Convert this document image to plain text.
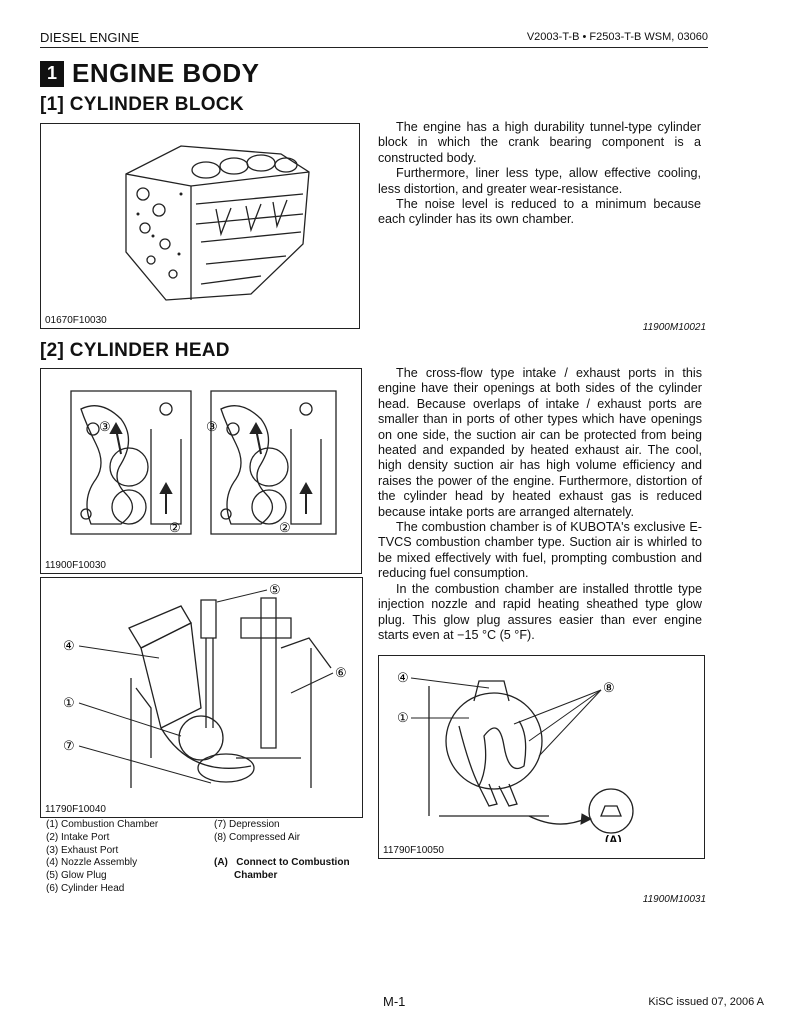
DIESEL ENGINE	V2003-T-B • F2503-T-B WSM, 03060
1 ENGINE BODY
[1] CYLINDER BLOCK
01670F10030

The engine has a high durability tunnel-type cylinder block in which the crank bearing component is a constructed body.

Furthermore, liner less type, allow effective cooling, less distortion, and greater wear-resistance.

The noise level is reduced to a minimum because each cylinder has its own chamber.

11900M10021
[2] CYLINDER HEAD
③
②
③
②
11900F10030
④
①
⑦
⑤
⑥
11790F10040
(1) Combustion Chamber
(2) Intake Port
(3) Exhaust Port
(4) Nozzle Assembly
(5) Glow Plug
(6) Cylinder Head
(7) Depression
(8) Compressed Air
(A) Connect to Combustion
Chamber

The cross-flow type intake / exhaust ports in this engine have their openings at both sides of the cylinder head. Because overlaps of intake / exhaust ports are smaller than in ports of other types which have openings on one side, the suction air can be protected from being heated and expanded by heated exhaust air. The cool, high density suction air has high volume efficiency and raises the power of the engine. Furthermore, distortion of the cylinder head by heated exhaust gas is reduced because intake ports are arranged alternately.

The combustion chamber is of KUBOTA's exclusive E-TVCS combustion chamber type. Suction air is whirled to be mixed effectively with fuel, prompting combustion and reducing fuel consumption.

In the combustion chamber are installed throttle type injection nozzle and rapid heating sheathed type glow plug. This glow plug assures easier than ever engine starts even at −15 °C (5 °F).

④
①
⑧
(A)
11790F10050
11900M10031
M-1	KiSC issued 07, 2006 A
